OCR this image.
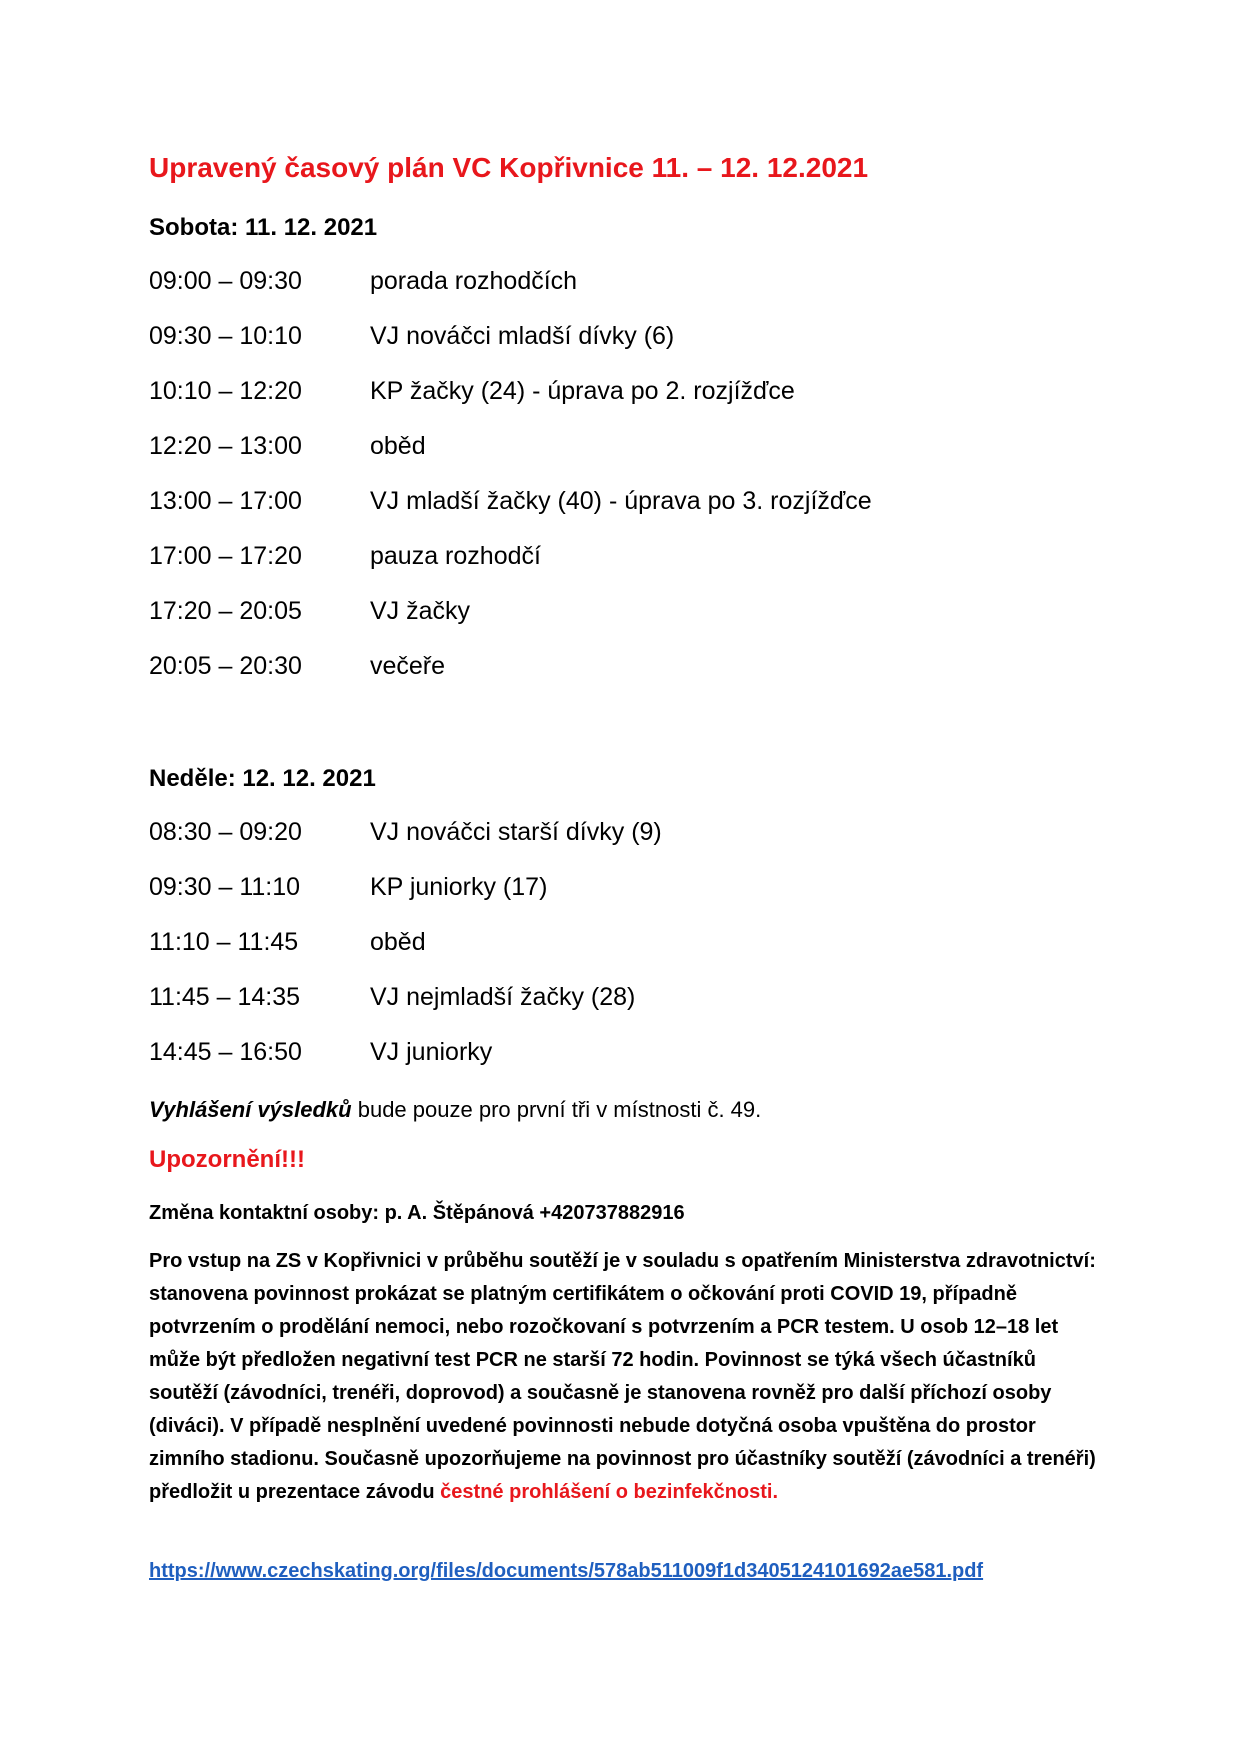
Upravený časový plán VC Kopřivnice 11. – 12. 12.2021
Sobota: 11. 12. 2021
09:00 – 09:30	porada rozhodčích
09:30 – 10:10	VJ nováčci mladší dívky (6)
10:10 – 12:20	KP žačky (24) - úprava po 2. rozjížďce
12:20 – 13:00	oběd
13:00 – 17:00	VJ mladší žačky (40) - úprava po 3. rozjížďce
17:00 – 17:20	pauza rozhodčí
17:20 – 20:05	VJ žačky
20:05 – 20:30	večeře
Neděle: 12. 12. 2021
08:30 – 09:20	VJ nováčci starší dívky (9)
09:30 – 11:10	KP juniorky (17)
11:10 – 11:45	oběd
11:45 – 14:35	VJ nejmladší žačky (28)
14:45 – 16:50	VJ juniorky
Vyhlášení výsledků bude pouze pro první tři v místnosti č. 49.
Upozornění!!!
Změna kontaktní osoby: p. A. Štěpánová +420737882916

Pro vstup na ZS v Kopřivnici v průběhu soutěží je v souladu s opatřením Ministerstva zdravotnictví: stanovena povinnost prokázat se platným certifikátem o očkování proti COVID 19, případně potvrzením o prodělání nemoci, nebo rozočkovaní s potvrzením a PCR testem. U osob 12–18 let může být předložen negativní test PCR ne starší 72 hodin. Povinnost se týká všech účastníků soutěží (závodníci, trenéři, doprovod) a současně je stanovena rovněž pro další příchozí osoby (diváci). V případě nesplnění uvedené povinnosti nebude dotyčná osoba vpuštěna do prostor zimního stadionu. Současně upozorňujeme na povinnost pro účastníky soutěží (závodníci a trenéři) předložit u prezentace závodu čestné prohlášení o bezinfekčnosti.

https://www.czechskating.org/files/documents/578ab511009f1d3405124101692ae581.pdf
